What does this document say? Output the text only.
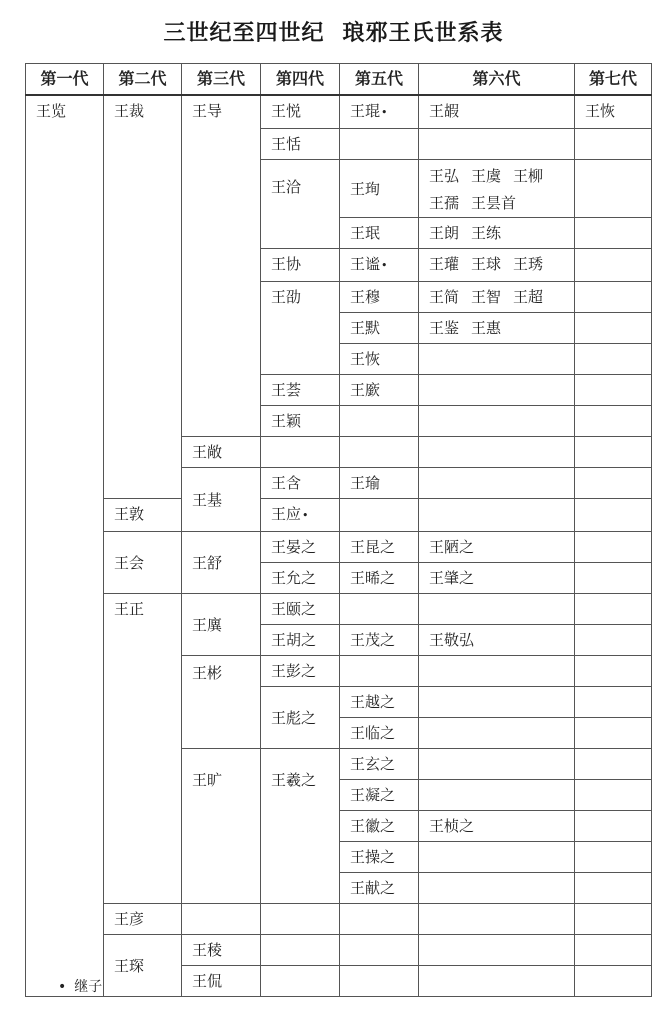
三世纪至四世纪 琅邪王氏世系表
第一代	第二代	第三代	第四代	第五代	第六代	第七代	
王览	王裁	王导	王悦	王琨•	王嘏	王恢	
			王恬				
			王洽	王珣	王弘 王虞 王柳
王孺 王昙首		
				王珉	王朗 王练		
			王协	王谧•	王瓘 王球 王琇		
			王劭	王穆	王简 王智 王超		
				王默	王鉴 王惠		
				王恢			
			王荟	王廞			
			王颖				
		王敞					
		王基	王含	王瑜			
	王敦		王应•				
	王会	王舒	王晏之	王昆之	王陋之		
			王允之	王晞之	王肇之		
	王正	王廙	王颐之				
			王胡之	王茂之	王敬弘		
		王彬	王彭之				
			王彪之	王越之			
				王临之			
		王旷	王羲之	王玄之			
				王凝之			
				王徽之	王桢之		
				王操之			
				王献之			
	王彦						
	王琛	王稜					
		王侃					
• 继子
